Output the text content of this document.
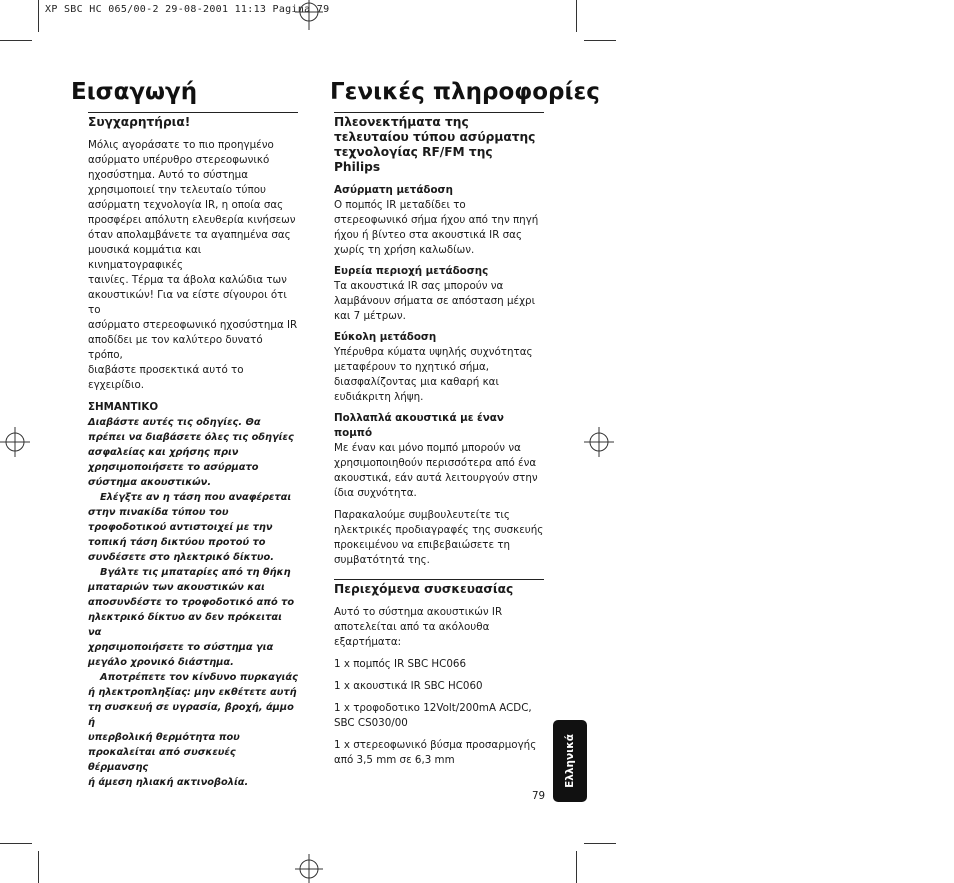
XP SBC HC 065/00-2 29-08-2001 11:13 Pagina 79
Εισαγωγή	Γενικές πληροφορίες
Συγχαρητήρια!

Μόλις αγοράσατε το πιο προηγμένο

ασύρματο υπέρυθρο στερεοφωνικό

ηχοσύστημα. Αυτό το σύστημα

χρησιμοποιεί την τελευταίο τύπου

ασύρματη τεχνολογία IR, η οποία σας

προσφέρει απόλυτη ελευθερία κινήσεων

όταν απολαμβάνετε τα αγαπημένα σας

μουσικά κομμάτια και κινηματογραφικές

ταινίες. Τέρμα τα άβολα καλώδια των

ακουστικών! Για να είστε σίγουροι ότι το

ασύρματο στερεοφωνικό ηχοσύστημα IR

αποδίδει με τον καλύτερο δυνατό τρόπο,

διαβάστε προσεκτικά αυτό το εγχειρίδιο.

ΣΗΜΑΝΤΙΚΟ

Διαβάστε αυτές τις οδηγίες. Θα

πρέπει να διαβάσετε όλες τις οδηγίες

ασφαλείας και χρήσης πριν

χρησιμοποιήσετε το ασύρματο

σύστημα ακουστικών.

Ελέγξτε αν η τάση που αναφέρεται

στην πινακίδα τύπου του

τροφοδοτικού αντιστοιχεί με την

τοπική τάση δικτύου προτού το

συνδέσετε στο ηλεκτρικό δίκτυο.

Βγάλτε τις μπαταρίες από τη θήκη

μπαταριών των ακουστικών και

αποσυνδέστε το τροφοδοτικό από το

ηλεκτρικό δίκτυο αν δεν πρόκειται να

χρησιμοποιήσετε το σύστημα για

μεγάλο χρονικό διάστημα.

Αποτρέπετε τον κίνδυνο πυρκαγιάς

ή ηλεκτροπληξίας: μην εκθέτετε αυτή

τη συσκευή σε υγρασία, βροχή, άμμο ή

υπερβολική θερμότητα που

προκαλείται από συσκευές θέρμανσης

ή άμεση ηλιακή ακτινοβολία.

Πλεονεκτήματα της
τελευταίου τύπου ασύρματης
τεχνολογίας RF/FM της
Philips

Ασύρματη μετάδοση

Ο πομπός IR μεταδίδει το

στερεοφωνικό σήμα ήχου από την πηγή

ήχου ή βίντεο στα ακουστικά IR σας

χωρίς τη χρήση καλωδίων.

Ευρεία περιοχή μετάδοσης

Τα ακουστικά IR σας μπορούν να

λαμβάνουν σήματα σε απόσταση μέχρι

και 7 μέτρων.

Εύκολη μετάδοση

Υπέρυθρα κύματα υψηλής συχνότητας

μεταφέρουν το ηχητικό σήμα,

διασφαλίζοντας μια καθαρή και

ευδιάκριτη λήψη.

Πολλαπλά ακουστικά με έναν

πομπό

Με έναν και μόνο πομπό μπορούν να

χρησιμοποιηθούν περισσότερα από ένα

ακουστικά, εάν αυτά λειτουργούν στην

ίδια συχνότητα.

Παρακαλούμε συμβουλευτείτε τις

ηλεκτρικές προδιαγραφές της συσκευής

προκειμένου να επιβεβαιώσετε τη

συμβατότητά της.

Περιεχόμενα συσκευασίας

Αυτό το σύστημα ακουστικών IR

αποτελείται από τα ακόλουθα

εξαρτήματα:

1 x πομπός IR SBC HC066

1 x ακουστικά IR SBC HC060

1 x τροφοδοτικο 12Volt/200mA ACDC,

SBC CS030/00

1 x στερεοφωνικό βύσμα προσαρμογής

από 3,5 mm σε 6,3 mm	Ελληνικά
79
